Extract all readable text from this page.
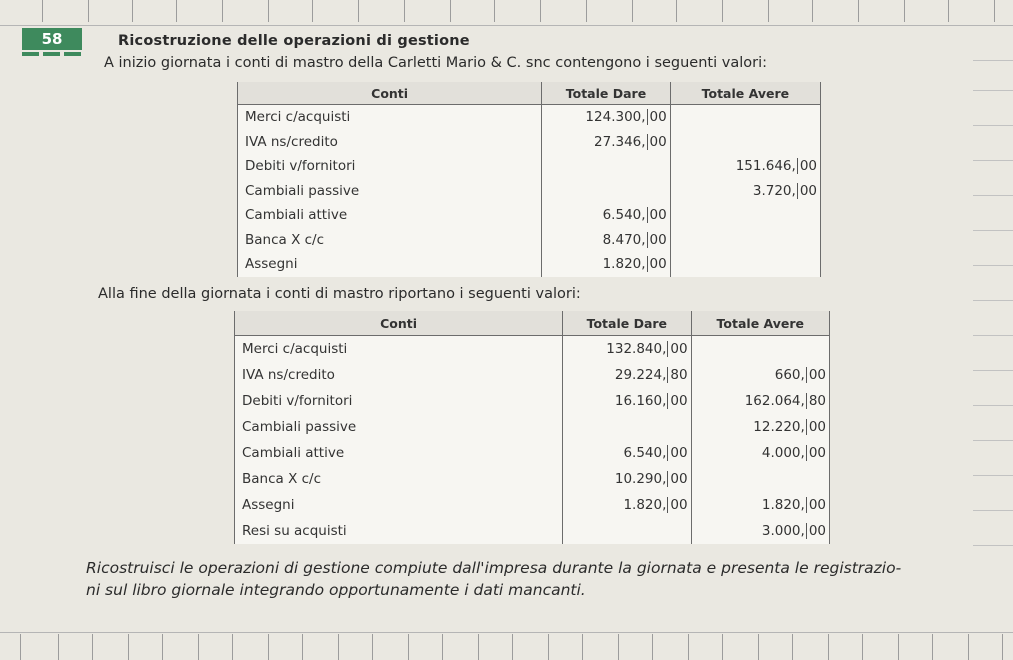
58	Ricostruzione delle operazioni di gestione
A inizio giornata i conti di mastro della Carletti Mario & C. snc contengono i seguenti valori:
Conti	Totale Dare	Totale Avere
Merci c/acquisti	124.300, 00	
IVA ns/credito	27.346, 00	
Debiti v/fornitori		151.646, 00
Cambiali passive		3.720, 00
Cambiali attive	6.540, 00	
Banca X c/c	8.470, 00	
Assegni	1.820, 00	
Alla fine della giornata i conti di mastro riportano i seguenti valori:
Conti	Totale Dare	Totale Avere
Merci c/acquisti	132.840, 00	
IVA ns/credito	29.224, 80	660, 00
Debiti v/fornitori	16.160, 00	162.064, 80
Cambiali passive		12.220, 00
Cambiali attive	6.540, 00	4.000, 00
Banca X c/c	10.290, 00	
Assegni	1.820, 00	1.820, 00
Resi su acquisti		3.000, 00
Ricostruisci le operazioni di gestione compiute dall'impresa durante la giornata e presenta le registrazio-
ni sul libro giornale integrando opportunamente i dati mancanti.
